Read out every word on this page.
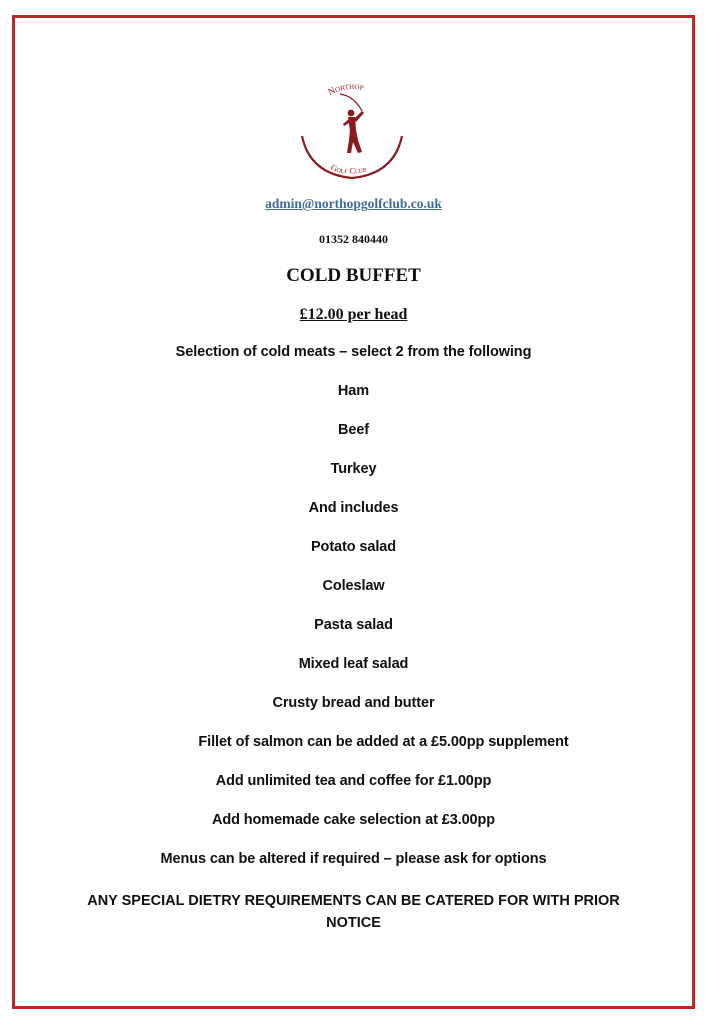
Northop
Golf Club
admin@northopgolfclub.co.uk
01352 840440
COLD BUFFET
£12.00 per head
Selection of cold meats – select 2 from the following
Ham
Beef
Turkey
And includes
Potato salad
Coleslaw
Pasta salad
Mixed leaf salad
Crusty bread and butter
Fillet of salmon can be added at a £5.00pp supplement
Add unlimited tea and coffee for £1.00pp
Add homemade cake selection at £3.00pp
Menus can be altered if required – please ask for options
ANY SPECIAL DIETRY REQUIREMENTS CAN BE CATERED FOR WITH PRIOR NOTICE
